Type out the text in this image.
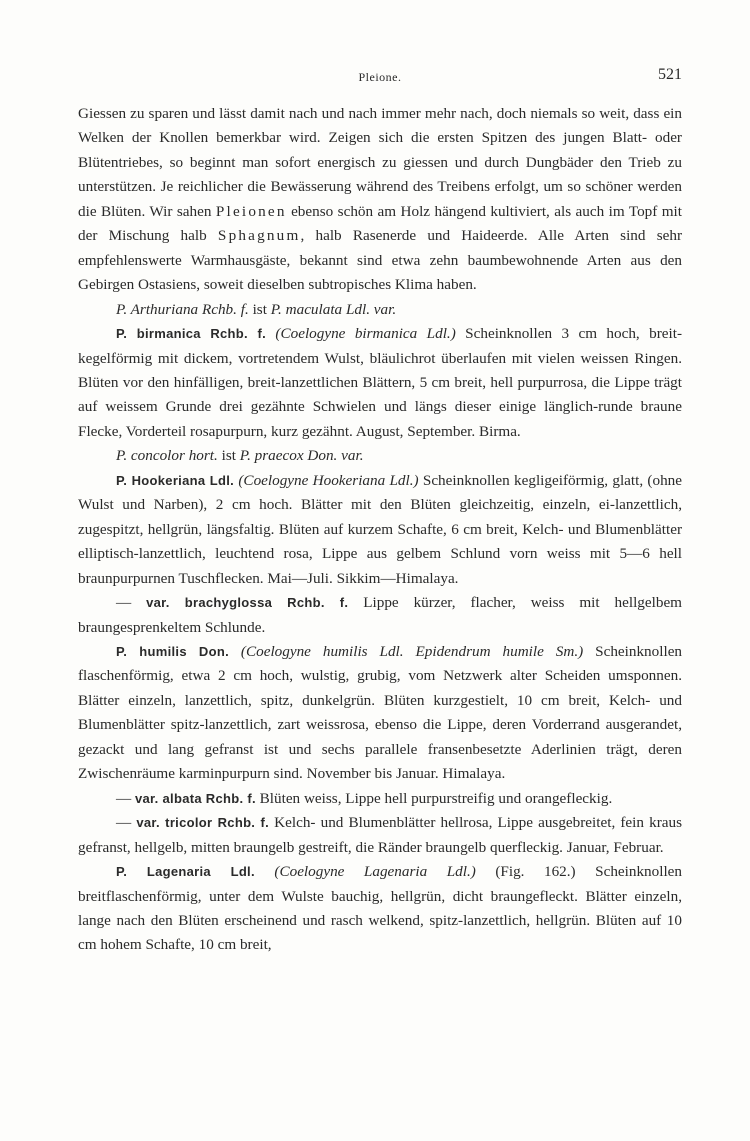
Pleione.	521

Giessen zu sparen und lässt damit nach und nach immer mehr nach, doch niemals so weit, dass ein Welken der Knollen bemerkbar wird. Zeigen sich die ersten Spitzen des jungen Blatt- oder Blütentriebes, so beginnt man sofort energisch zu giessen und durch Dungbäder den Trieb zu unterstützen. Je reichlicher die Bewässerung während des Treibens erfolgt, um so schöner werden die Blüten. Wir sahen Pleionen ebenso schön am Holz hängend kultiviert, als auch im Topf mit der Mischung halb Sphagnum, halb Rasenerde und Haideerde. Alle Arten sind sehr empfehlenswerte Warmhausgäste, bekannt sind etwa zehn baumbewohnende Arten aus den Gebirgen Ostasiens, soweit dieselben subtropisches Klima haben.

P. Arthuriana Rchb. f. ist P. maculata Ldl. var.

P. birmanica Rchb. f. (Coelogyne birmanica Ldl.) Scheinknollen 3 cm hoch, breit-kegelförmig mit dickem, vortretendem Wulst, bläulichrot überlaufen mit vielen weissen Ringen. Blüten vor den hinfälligen, breit-lanzettlichen Blättern, 5 cm breit, hell purpurrosa, die Lippe trägt auf weissem Grunde drei gezähnte Schwielen und längs dieser einige länglich-runde braune Flecke, Vorderteil rosapurpurn, kurz gezähnt. August, September. Birma.

P. concolor hort. ist P. praecox Don. var.

P. Hookeriana Ldl. (Coelogyne Hookeriana Ldl.) Scheinknollen kegligeiförmig, glatt, (ohne Wulst und Narben), 2 cm hoch. Blätter mit den Blüten gleichzeitig, einzeln, ei-lanzettlich, zugespitzt, hellgrün, längsfaltig. Blüten auf kurzem Schafte, 6 cm breit, Kelch- und Blumenblätter elliptisch-lanzettlich, leuchtend rosa, Lippe aus gelbem Schlund vorn weiss mit 5—6 hell braunpurpurnen Tuschflecken. Mai—Juli. Sikkim—Himalaya.

— var. brachyglossa Rchb. f. Lippe kürzer, flacher, weiss mit hellgelbem braungesprenkeltem Schlunde.

P. humilis Don. (Coelogyne humilis Ldl. Epidendrum humile Sm.) Scheinknollen flaschenförmig, etwa 2 cm hoch, wulstig, grubig, vom Netzwerk alter Scheiden umsponnen. Blätter einzeln, lanzettlich, spitz, dunkelgrün. Blüten kurzgestielt, 10 cm breit, Kelch- und Blumenblätter spitz-lanzettlich, zart weissrosa, ebenso die Lippe, deren Vorderrand ausgerandet, gezackt und lang gefranst ist und sechs parallele fransenbesetzte Aderlinien trägt, deren Zwischenräume karminpurpurn sind. November bis Januar. Himalaya.

— var. albata Rchb. f. Blüten weiss, Lippe hell purpurstreifig und orangefleckig.

— var. tricolor Rchb. f. Kelch- und Blumenblätter hellrosa, Lippe ausgebreitet, fein kraus gefranst, hellgelb, mitten braungelb gestreift, die Ränder braungelb querfleckig. Januar, Februar.

P. Lagenaria Ldl. (Coelogyne Lagenaria Ldl.) (Fig. 162.) Scheinknollen breitflaschenförmig, unter dem Wulste bauchig, hellgrün, dicht braungefleckt. Blätter einzeln, lange nach den Blüten erscheinend und rasch welkend, spitz-lanzettlich, hellgrün. Blüten auf 10 cm hohem Schafte, 10 cm breit,
